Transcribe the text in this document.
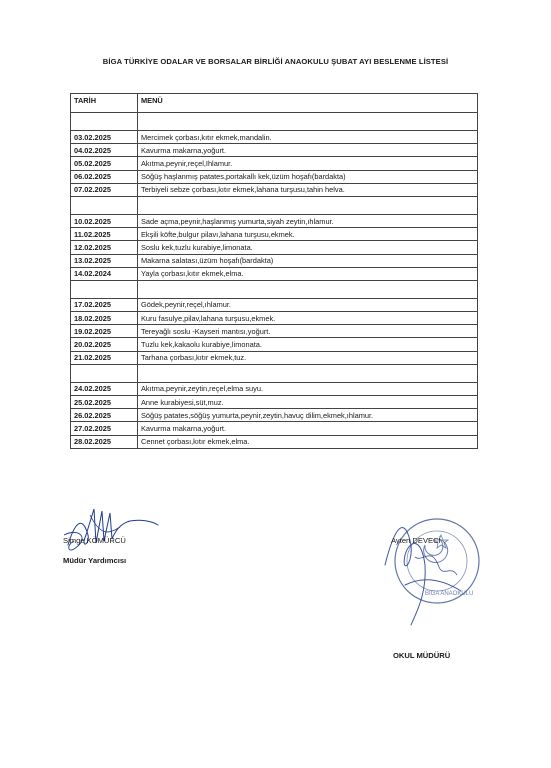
BİGA TÜRKİYE ODALAR VE BORSALAR BİRLİĞİ ANAOKULU ŞUBAT AYI BESLENME LİSTESİ
TARİH	MENÜ

03.02.2025	Mercimek çorbası,kıtır ekmek,mandalin.
04.02.2025	Kavurma makarna,yoğurt.
05.02.2025	Akıtma,peynir,reçel,Ihlamur.
06.02.2025	Söğüş haşlanmış patates,portakallı kek,üzüm hoşafı(bardakta)
07.02.2025	Terbiyeli sebze çorbası,kıtır ekmek,lahana turşusu,tahin helva.

10.02.2025	Sade açma,peynir,haşlanmış yumurta,siyah zeytin,ıhlamur.
11.02.2025	Ekşili köfte,bulgur pilavı,lahana turşusu,ekmek.
12.02.2025	Soslu kek,tuzlu kurabiye,limonata.
13.02.2025	Makarna salatası,üzüm hoşafı(bardakta)
14.02.2024	Yayla çorbası,kıtır ekmek,elma.

17.02.2025	Gödek,peynir,reçel,ıhlamur.
18.02.2025	Kuru fasulye,pilav,lahana turşusu,ekmek.
19.02.2025	Tereyağlı soslu -Kayseri mantısı,yoğurt.
20.02.2025	Tuzlu kek,kakaolu kurabiye,limonata.
21.02.2025	Tarhana çorbası,kıtır ekmek,tuz.

24.02.2025	Akıtma,peynir,zeytin,reçel,elma suyu.
25.02.2025	Anne kurabiyesi,süt,muz.
26.02.2025	Söğüş patates,söğüş yumurta,peynir,zeytin,havuç dilim,ekmek,ıhlamur.
27.02.2025	Kavurma makarna,yoğurt.
28.02.2025	Cennet çorbası,kıtır ekmek,elma.
Simge KÖMÜRCÜ
Müdür Yardımcısı
BİGA ANAOKULU
Ayten DEVECİ
OKUL MÜDÜRÜ
